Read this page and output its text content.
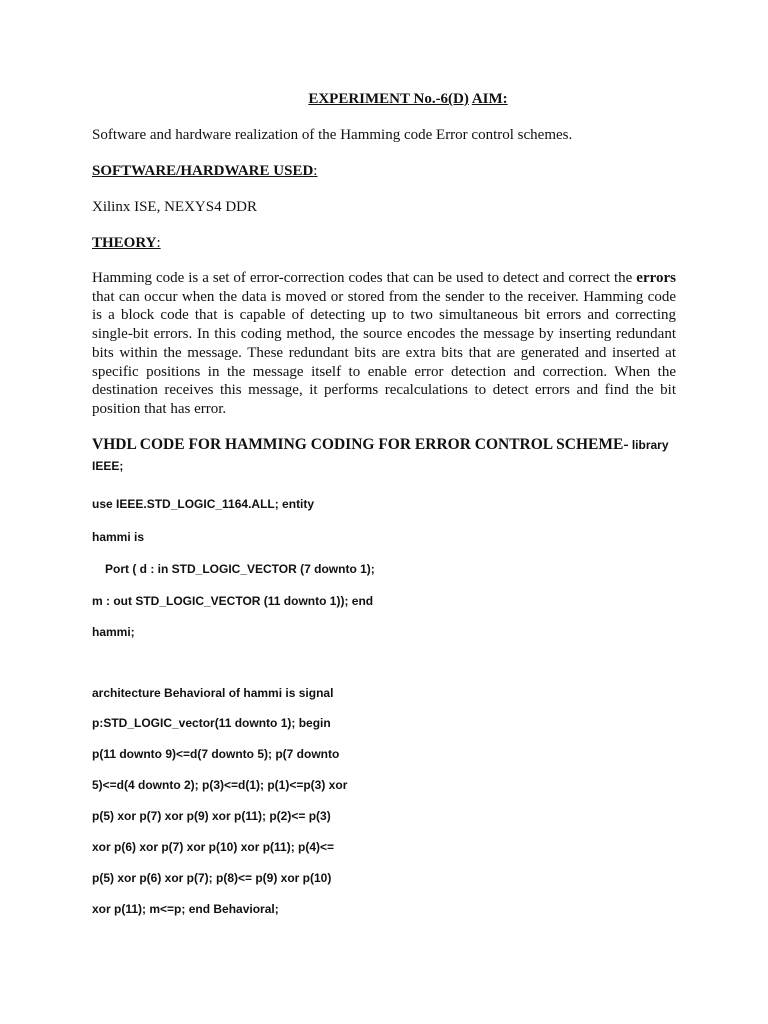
EXPERIMENT No.-6(D) AIM:
Software and hardware realization of the Hamming code Error control schemes.
SOFTWARE/HARDWARE USED:
Xilinx ISE, NEXYS4 DDR
THEORY:
Hamming code is a set of error-correction codes that can be used to detect and correct the errors that can occur when the data is moved or stored from the sender to the receiver. Hamming code is a block code that is capable of detecting up to two simultaneous bit errors and correcting single-bit errors. In this coding method, the source encodes the message by inserting redundant bits within the message. These redundant bits are extra bits that are generated and inserted at specific positions in the message itself to enable error detection and correction. When the destination receives this message, it performs recalculations to detect errors and find the bit position that has error.
VHDL CODE FOR HAMMING CODING FOR ERROR CONTROL SCHEME- library
IEEE;
use IEEE.STD_LOGIC_1164.ALL; entity
hammi is
Port ( d : in STD_LOGIC_VECTOR (7 downto 1);
m : out STD_LOGIC_VECTOR (11 downto 1)); end
hammi;
architecture Behavioral of hammi is signal
p:STD_LOGIC_vector(11 downto 1); begin
p(11 downto 9)<=d(7 downto 5); p(7 downto
5)<=d(4 downto 2); p(3)<=d(1); p(1)<=p(3) xor
p(5) xor p(7) xor p(9) xor p(11); p(2)<= p(3)
xor p(6) xor p(7) xor p(10) xor p(11); p(4)<=
p(5) xor p(6) xor p(7); p(8)<= p(9) xor p(10)
xor p(11); m<=p; end Behavioral;
